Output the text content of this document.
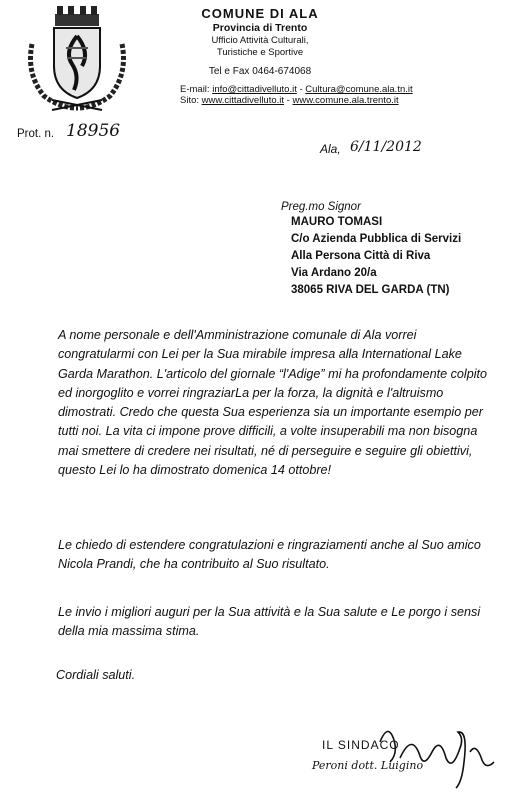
COMUNE DI ALA
Provincia di Trento
Ufficio Attività Culturali,
Turistiche e Sportive
Tel e Fax 0464-674068
E-mail: info@cittadivelluto.it - Cultura@comune.ala.tn.it
Sito: www.cittadivelluto.it - www.comune.ala.trento.it
Prot. n. 18956
Ala, 6/11/2012
Preg.mo Signor
MAURO TOMASI
C/o Azienda Pubblica di Servizi
Alla Persona Città di Riva
Via Ardano 20/a
38065 RIVA DEL GARDA (TN)
A nome personale e dell'Amministrazione comunale di Ala vorrei
congratularmi con Lei per la Sua mirabile impresa alla International Lake
Garda Marathon. L'articolo del giornale “l'Adige” mi ha profondamente colpito
ed inorgoglito e vorrei ringraziarLa per la forza, la dignità e l'altruismo
dimostrati. Credo che questa Sua esperienza sia un importante esempio per
tutti noi. La vita ci impone prove difficili, a volte insuperabili ma non bisogna
mai smettere di credere nei risultati, né di perseguire e seguire gli obiettivi,
questo Lei lo ha dimostrato domenica 14 ottobre!
Le chiedo di estendere congratulazioni e ringraziamenti anche al Suo amico
Nicola Prandi, che ha contribuito al Suo risultato.
Le invio i migliori auguri per la Sua attività e la Sua salute e Le porgo i sensi
della mia massima stima.
Cordiali saluti.
IL SINDACO
Peroni dott. Luigino
